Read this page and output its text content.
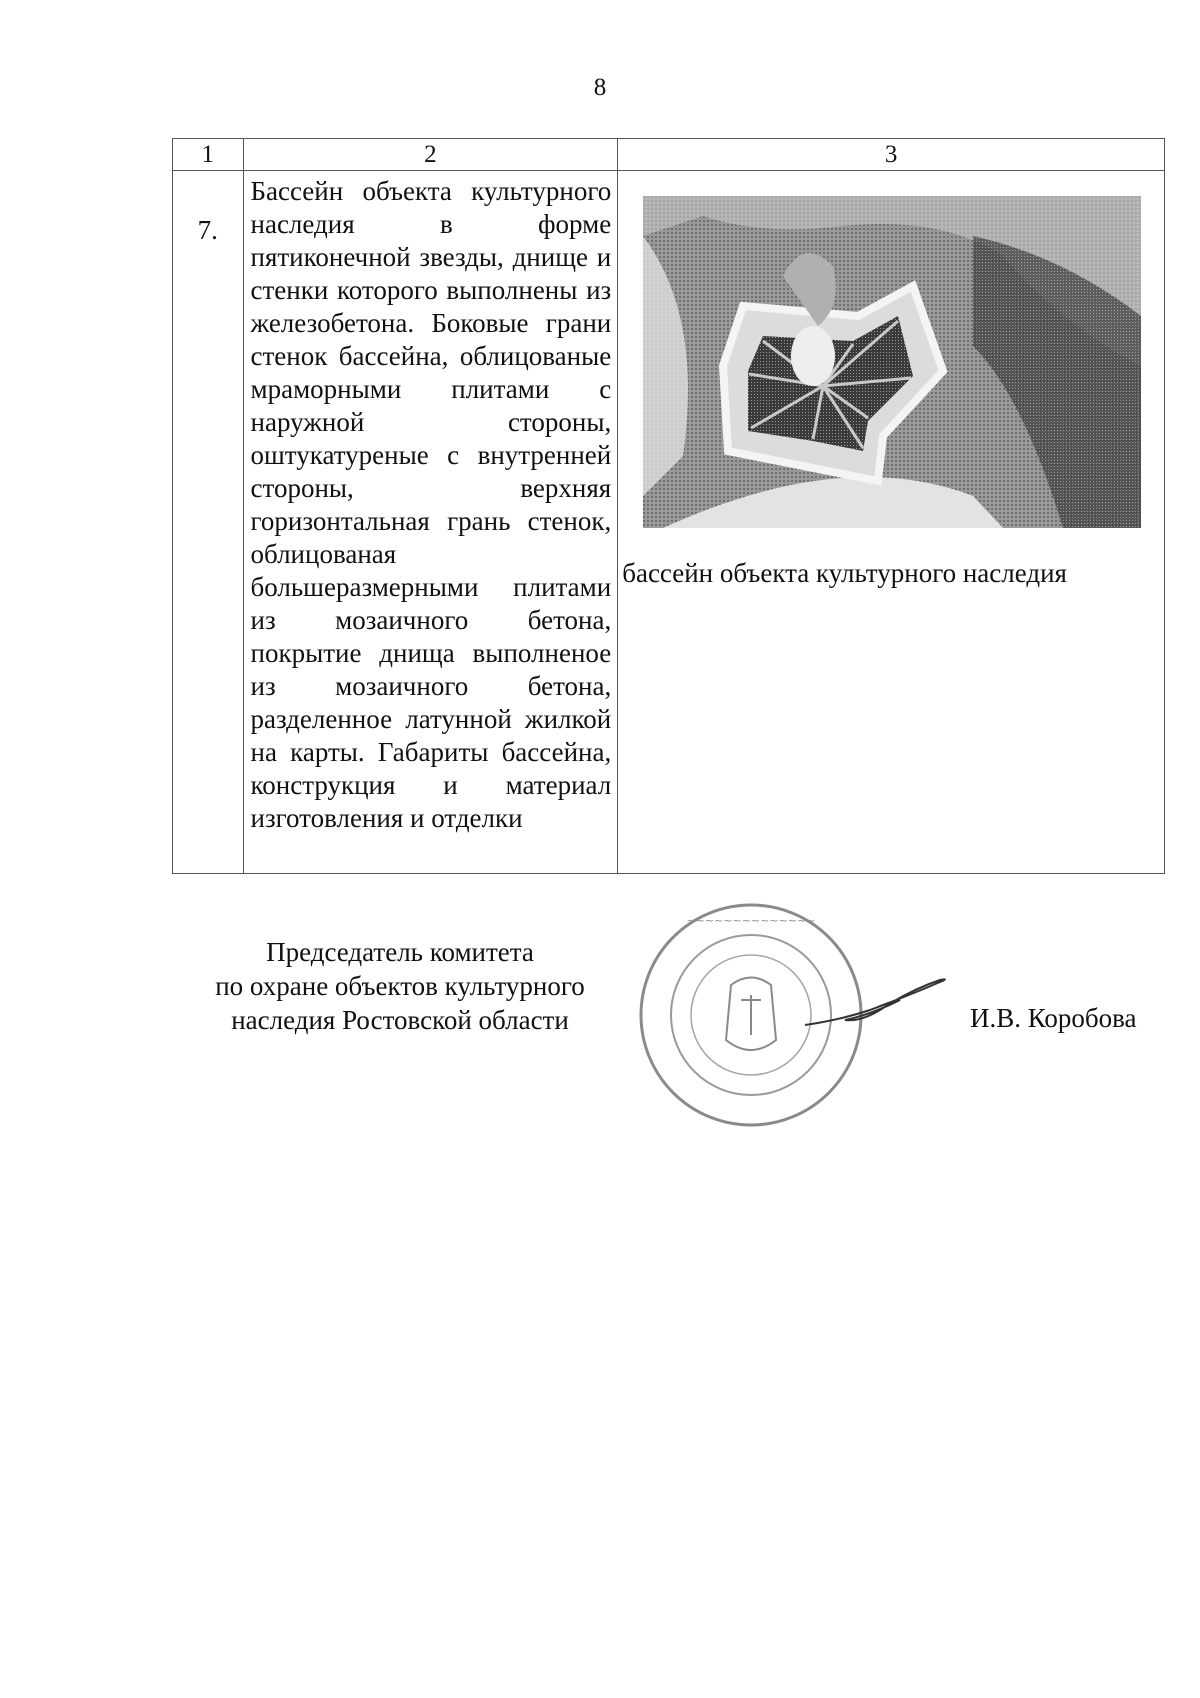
8
1	2	3
7.	Бассейн объекта культурного наследия в форме пятиконечной звезды, днище и стенки которого выполнены из железобетона. Боковые грани стенок бассейна, облицованые мраморными плитами с наружной стороны, оштукатуреные с внутренней стороны, верхняя горизонтальная грань стенок, облицованая большеразмерными плитами из мозаичного бетона, покрытие днища выполненое из мозаичного бетона, разделенное латунной жилкой на карты. Габариты бассейна, конструкция и материал изготовления и отделки	бассейн объекта культурного наследия
Председатель комитета
по охране объектов культурного
наследия Ростовской области
~~~~~~~~~~~~~~
И.В. Коробова
